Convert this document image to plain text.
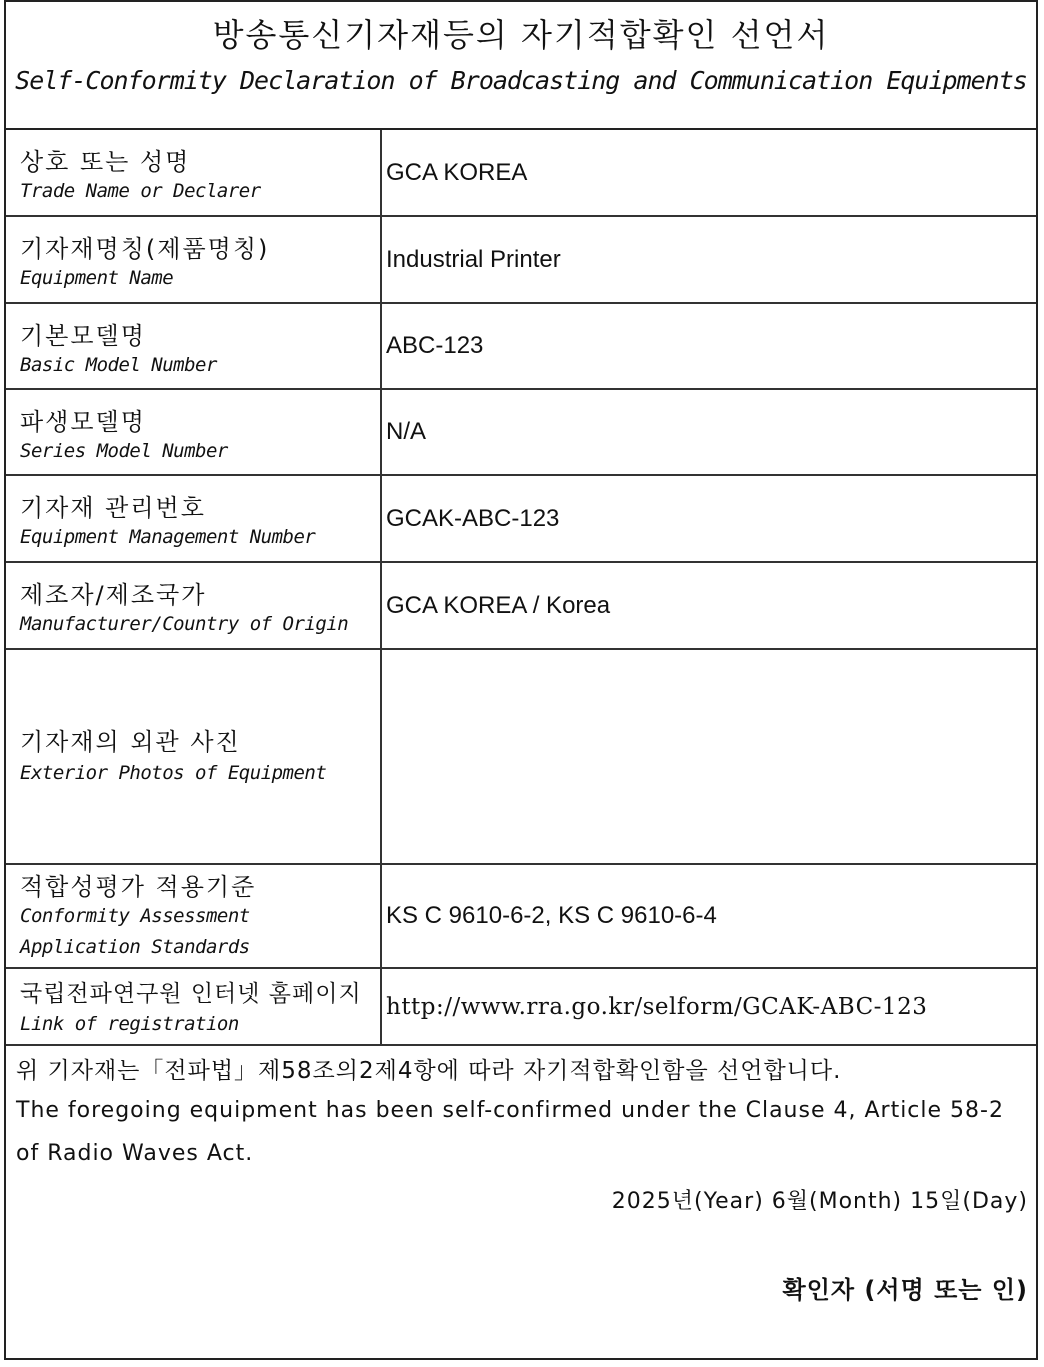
방송통신기자재등의 자기적합확인 선언서
Self-Conformity Declaration of Broadcasting and Communication Equipments
상호 또는 성명
Trade Name or Declarer
GCA KOREA
기자재명칭(제품명칭)
Equipment Name
Industrial Printer
기본모델명
Basic Model Number
ABC-123
파생모델명
Series Model Number
N/A
기자재 관리번호
Equipment Management Number
GCAK-ABC-123
제조자/제조국가
Manufacturer/Country of Origin
GCA KOREA / Korea
기자재의 외관 사진
Exterior Photos of Equipment
적합성평가 적용기준
Conformity Assessment
Application Standards
KS C 9610-6-2, KS C 9610-6-4
국립전파연구원 인터넷 홈페이지
Link of registration
http://www.rra.go.kr/selform/GCAK-ABC-123
위 기자재는「전파법」제58조의2제4항에 따라 자기적합확인함을 선언합니다.
The foregoing equipment has been self-confirmed under the Clause 4, Article 58-2
of Radio Waves Act.
2025년(Year) 6월(Month) 15일(Day)
확인자 (서명 또는 인)
